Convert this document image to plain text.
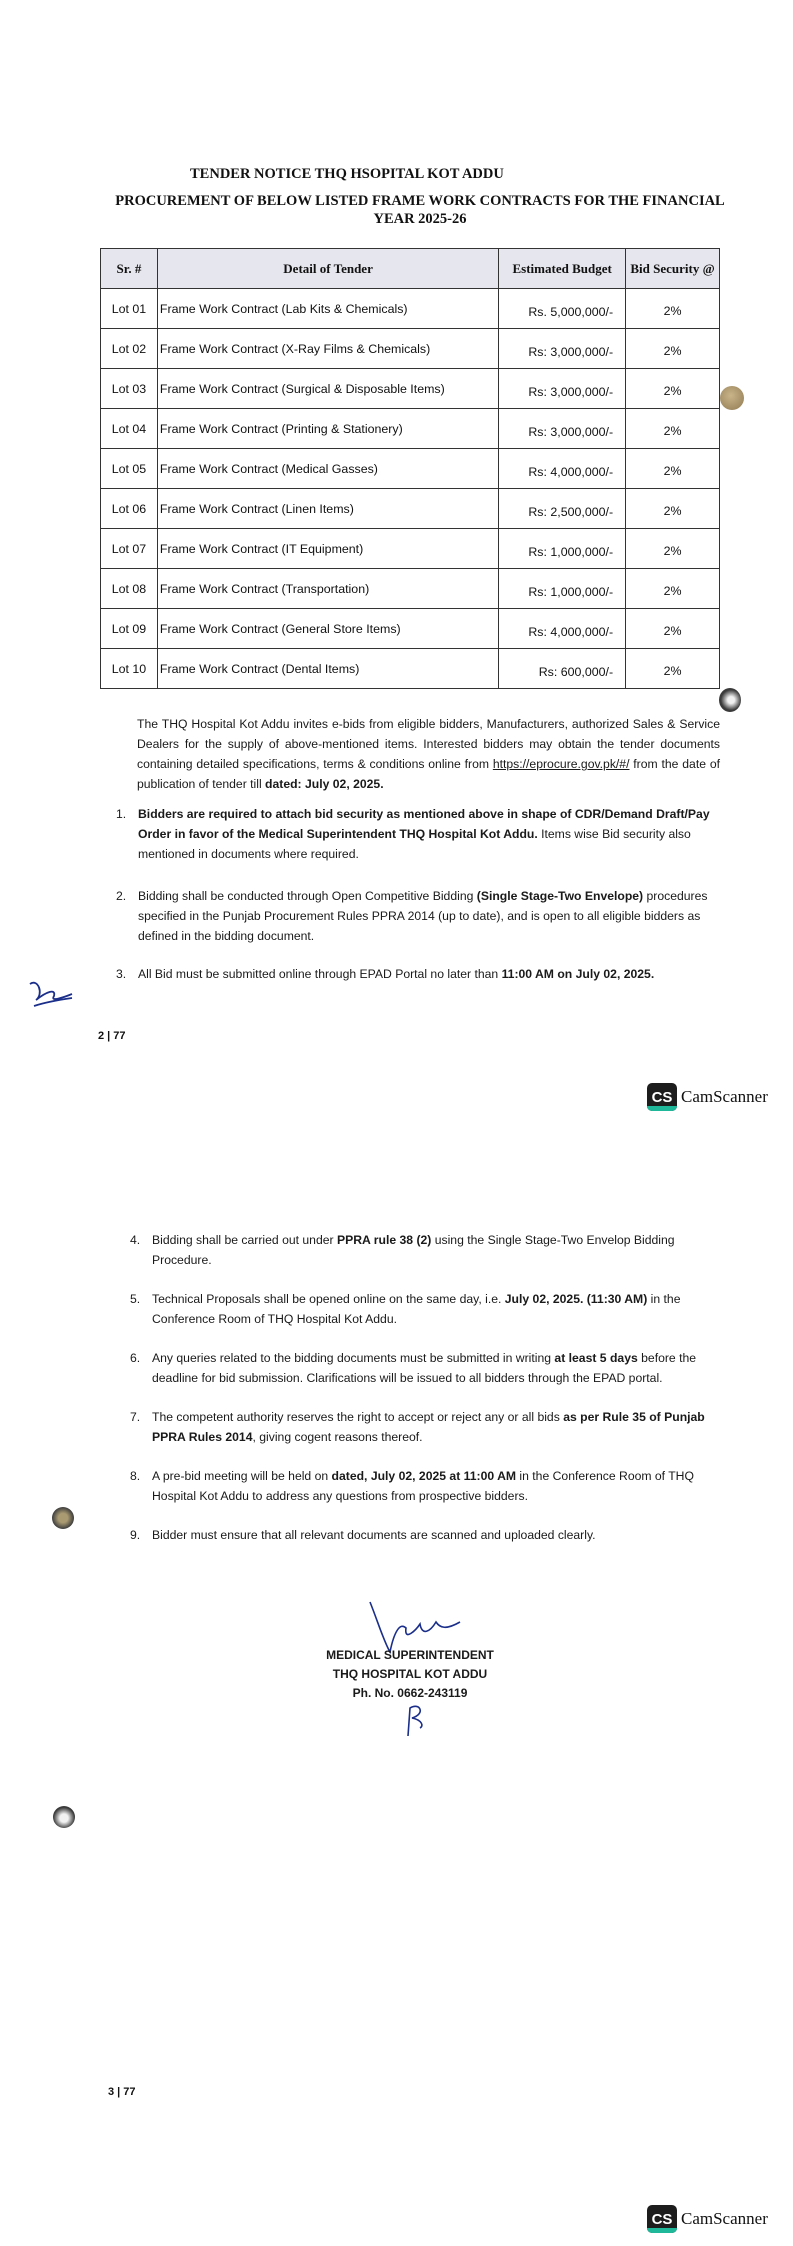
TENDER NOTICE THQ HSOPITAL KOT ADDU
PROCUREMENT OF BELOW LISTED FRAME WORK CONTRACTS FOR THE FINANCIAL YEAR 2025-26
Sr. #	Detail of Tender	Estimated Budget	Bid Security @
Lot 01	Frame Work Contract (Lab Kits & Chemicals)	Rs. 5,000,000/-	2%
Lot 02	Frame Work Contract (X-Ray Films & Chemicals)	Rs: 3,000,000/-	2%
Lot 03	Frame Work Contract (Surgical & Disposable Items)	Rs: 3,000,000/-	2%
Lot 04	Frame Work Contract (Printing & Stationery)	Rs: 3,000,000/-	2%
Lot 05	Frame Work Contract (Medical Gasses)	Rs: 4,000,000/-	2%
Lot 06	Frame Work Contract (Linen Items)	Rs: 2,500,000/-	2%
Lot 07	Frame Work Contract (IT Equipment)	Rs: 1,000,000/-	2%
Lot 08	Frame Work Contract (Transportation)	Rs: 1,000,000/-	2%
Lot 09	Frame Work Contract (General Store Items)	Rs: 4,000,000/-	2%
Lot 10	Frame Work Contract (Dental Items)	Rs: 600,000/-	2%
The THQ Hospital Kot Addu invites e-bids from eligible bidders, Manufacturers, authorized Sales & Service Dealers for the supply of above-mentioned items. Interested bidders may obtain the tender documents containing detailed specifications, terms & conditions online from https://eprocure.gov.pk/#/ from the date of publication of tender till dated: July 02, 2025.
1. Bidders are required to attach bid security as mentioned above in shape of CDR/Demand Draft/Pay Order in favor of the Medical Superintendent THQ Hospital Kot Addu. Items wise Bid security also mentioned in documents where required.
2. Bidding shall be conducted through Open Competitive Bidding (Single Stage-Two Envelope) procedures specified in the Punjab Procurement Rules PPRA 2014 (up to date), and is open to all eligible bidders as defined in the bidding document.
3. All Bid must be submitted online through EPAD Portal no later than 11:00 AM on July 02, 2025.
2 | 77
CS CamScanner
4. Bidding shall be carried out under PPRA rule 38 (2) using the Single Stage-Two Envelop Bidding Procedure.
5. Technical Proposals shall be opened online on the same day, i.e. July 02, 2025. (11:30 AM) in the Conference Room of THQ Hospital Kot Addu.
6. Any queries related to the bidding documents must be submitted in writing at least 5 days before the deadline for bid submission. Clarifications will be issued to all bidders through the EPAD portal.
7. The competent authority reserves the right to accept or reject any or all bids as per Rule 35 of Punjab PPRA Rules 2014, giving cogent reasons thereof.
8. A pre-bid meeting will be held on dated, July 02, 2025 at 11:00 AM in the Conference Room of THQ Hospital Kot Addu to address any questions from prospective bidders.
9. Bidder must ensure that all relevant documents are scanned and uploaded clearly.
MEDICAL SUPERINTENDENT
THQ HOSPITAL KOT ADDU
Ph. No. 0662-243119
3 | 77
CS CamScanner
